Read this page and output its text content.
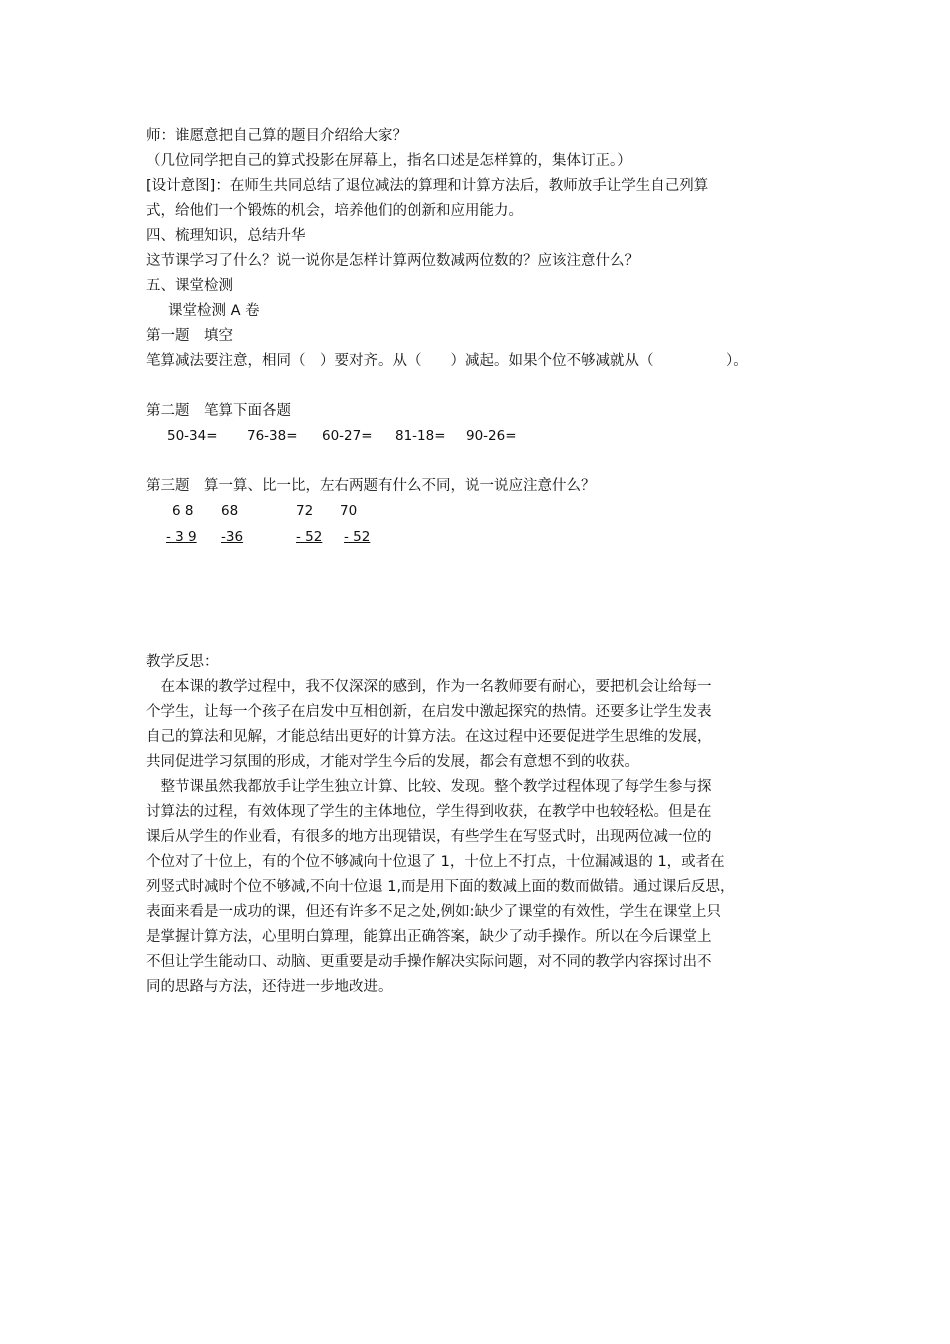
师：谁愿意把自己算的题目介绍给大家？
（几位同学把自己的算式投影在屏幕上，指名口述是怎样算的，集体订正。）
[设计意图]：在师生共同总结了退位减法的算理和计算方法后，教师放手让学生自己列算
式，给他们一个锻炼的机会，培养他们的创新和应用能力。
四、梳理知识，总结升华
这节课学习了什么？说一说你是怎样计算两位数减两位数的？应该注意什么？
五、课堂检测
课堂检测 A 卷
第一题　填空
笔算减法要注意，相同（　）要对齐。从（　　）减起。如果个位不够减就从（　　　　　）。
第二题　笔算下面各题
50-34= 76-38= 60-27= 81-18= 90-26=
第三题　算一算、比一比，左右两题有什么不同，说一说应注意什么？
6 8 68	72 70
- 3 9 -36	- 52 - 52
教学反思：
　在本课的教学过程中，我不仅深深的感到，作为一名教师要有耐心，要把机会让给每一
个学生，让每一个孩子在启发中互相创新，在启发中激起探究的热情。还要多让学生发表
自己的算法和见解，才能总结出更好的计算方法。在这过程中还要促进学生思维的发展，
共同促进学习氛围的形成，才能对学生今后的发展，都会有意想不到的收获。
　整节课虽然我都放手让学生独立计算、比较、发现。整个教学过程体现了每学生参与探
讨算法的过程，有效体现了学生的主体地位，学生得到收获，在教学中也较轻松。但是在
课后从学生的作业看，有很多的地方出现错误，有些学生在写竖式时，出现两位减一位的
个位对了十位上，有的个位不够减向十位退了 1，十位上不打点，十位漏减退的 1，或者在
列竖式时减时个位不够减,不向十位退 1,而是用下面的数减上面的数而做错。通过课后反思，
表面来看是一成功的课，但还有许多不足之处,例如:缺少了课堂的有效性，学生在课堂上只
是掌握计算方法，心里明白算理，能算出正确答案，缺少了动手操作。所以在今后课堂上
不但让学生能动口、动脑、更重要是动手操作解决实际问题，对不同的教学内容探讨出不
同的思路与方法，还待进一步地改进。
